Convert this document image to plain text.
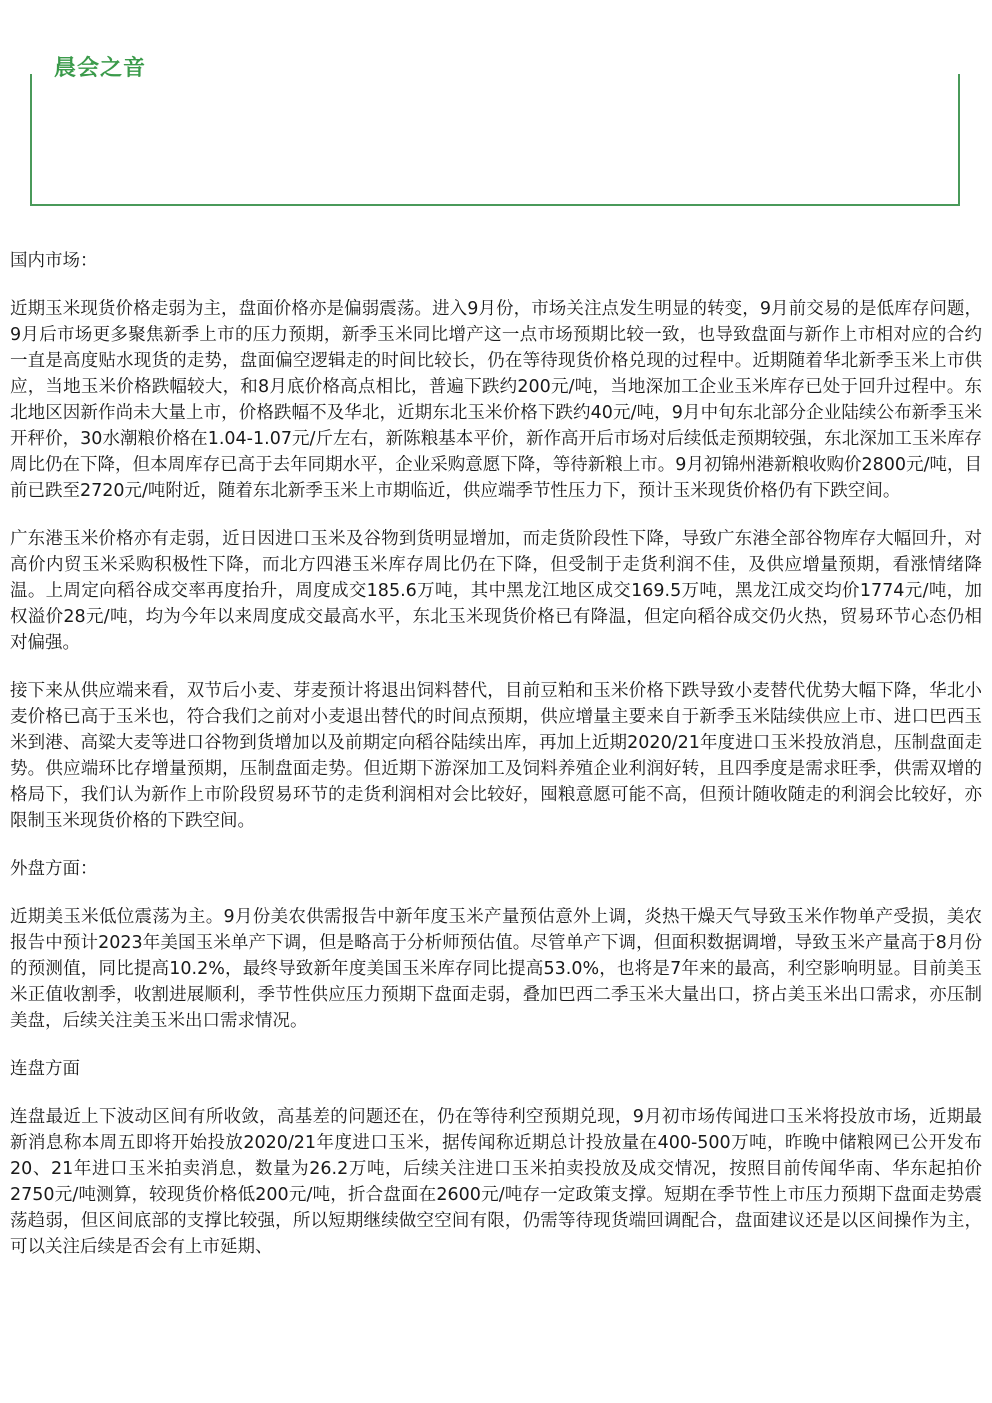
晨会之音

国内市场：

近期玉米现货价格走弱为主，盘面价格亦是偏弱震荡。进入9月份，市场关注点发生明显的转变，9月前交易的是低库存问题，9月后市场更多聚焦新季上市的压力预期，新季玉米同比增产这一点市场预期比较一致，也导致盘面与新作上市相对应的合约一直是高度贴水现货的走势，盘面偏空逻辑走的时间比较长，仍在等待现货价格兑现的过程中。近期随着华北新季玉米上市供应，当地玉米价格跌幅较大，和8月底价格高点相比，普遍下跌约200元/吨，当地深加工企业玉米库存已处于回升过程中。东北地区因新作尚未大量上市，价格跌幅不及华北，近期东北玉米价格下跌约40元/吨，9月中旬东北部分企业陆续公布新季玉米开秤价，30水潮粮价格在1.04-1.07元/斤左右，新陈粮基本平价，新作高开后市场对后续低走预期较强，东北深加工玉米库存周比仍在下降，但本周库存已高于去年同期水平，企业采购意愿下降，等待新粮上市。9月初锦州港新粮收购价2800元/吨，目前已跌至2720元/吨附近，随着东北新季玉米上市期临近，供应端季节性压力下，预计玉米现货价格仍有下跌空间。

广东港玉米价格亦有走弱，近日因进口玉米及谷物到货明显增加，而走货阶段性下降，导致广东港全部谷物库存大幅回升，对高价内贸玉米采购积极性下降，而北方四港玉米库存周比仍在下降，但受制于走货利润不佳，及供应增量预期，看涨情绪降温。上周定向稻谷成交率再度抬升，周度成交185.6万吨，其中黑龙江地区成交169.5万吨，黑龙江成交均价1774元/吨，加权溢价28元/吨，均为今年以来周度成交最高水平，东北玉米现货价格已有降温，但定向稻谷成交仍火热，贸易环节心态仍相对偏强。

接下来从供应端来看，双节后小麦、芽麦预计将退出饲料替代，目前豆粕和玉米价格下跌导致小麦替代优势大幅下降，华北小麦价格已高于玉米也，符合我们之前对小麦退出替代的时间点预期，供应增量主要来自于新季玉米陆续供应上市、进口巴西玉米到港、高粱大麦等进口谷物到货增加以及前期定向稻谷陆续出库，再加上近期2020/21年度进口玉米投放消息，压制盘面走势。供应端环比存增量预期，压制盘面走势。但近期下游深加工及饲料养殖企业利润好转，且四季度是需求旺季，供需双增的格局下，我们认为新作上市阶段贸易环节的走货利润相对会比较好，囤粮意愿可能不高，但预计随收随走的利润会比较好，亦限制玉米现货价格的下跌空间。

外盘方面：

近期美玉米低位震荡为主。9月份美农供需报告中新年度玉米产量预估意外上调，炎热干燥天气导致玉米作物单产受损，美农报告中预计2023年美国玉米单产下调，但是略高于分析师预估值。尽管单产下调，但面积数据调增，导致玉米产量高于8月份的预测值，同比提高10.2%，最终导致新年度美国玉米库存同比提高53.0%，也将是7年来的最高，利空影响明显。目前美玉米正值收割季，收割进展顺利，季节性供应压力预期下盘面走弱，叠加巴西二季玉米大量出口，挤占美玉米出口需求，亦压制美盘，后续关注美玉米出口需求情况。

连盘方面

连盘最近上下波动区间有所收敛，高基差的问题还在，仍在等待利空预期兑现，9月初市场传闻进口玉米将投放市场，近期最新消息称本周五即将开始投放2020/21年度进口玉米，据传闻称近期总计投放量在400-500万吨，昨晚中储粮网已公开发布20、21年进口玉米拍卖消息，数量为26.2万吨，后续关注进口玉米拍卖投放及成交情况，按照目前传闻华南、华东起拍价2750元/吨测算，较现货价格低200元/吨，折合盘面在2600元/吨存一定政策支撑。短期在季节性上市压力预期下盘面走势震荡趋弱，但区间底部的支撑比较强，所以短期继续做空空间有限，仍需等待现货端回调配合，盘面建议还是以区间操作为主，可以关注后续是否会有上市延期、
